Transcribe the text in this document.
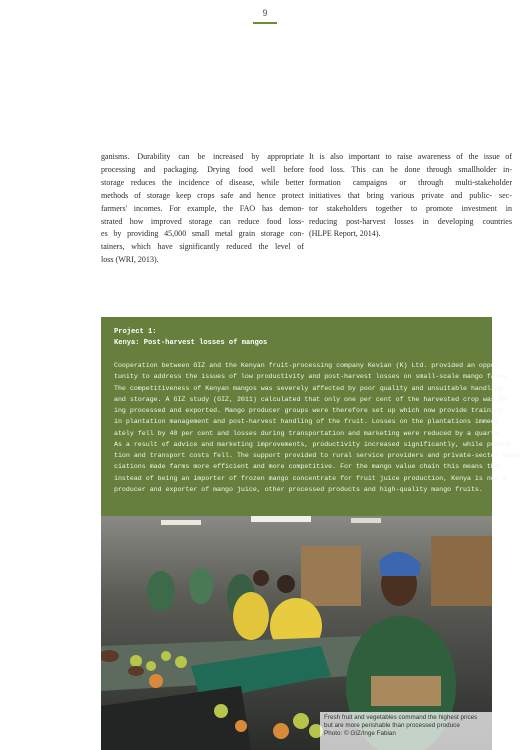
9
ganisms. Durability can be increased by appropriate
processing and packaging. Drying food well before
storage reduces the incidence of disease, while better
methods of storage keep crops safe and hence protect
farmers' incomes. For example, the FAO has demon-
strated how improved storage can reduce food loss-
es by providing 45,000 small metal grain storage con-
tainers, which have significantly reduced the level of
loss (WRI, 2013).
It is also important to raise awareness of the issue of
food loss. This can be done through smallholder in-
formation campaigns or through multi-stakeholder
initiatives that bring various private and public- sec-
tor stakeholders together to promote investment in
reducing post-harvest losses in developing countries
(HLPE Report, 2014).
Project 1:
Kenya: Post-harvest losses of mangos
Cooperation between GIZ and the Kenyan fruit-processing company Kevian (K) Ltd. provided an oppor-
tunity to address the issues of low productivity and post-harvest losses on small-scale mango farms.
The competitiveness of Kenyan mangos was severely affected by poor quality and unsuitable handling
and storage. A GIZ study (GIZ, 2011) calculated that only one per cent of the harvested crop was be-
ing processed and exported. Mango producer groups were therefore set up which now provide training
in plantation management and post-harvest handling of the fruit. Losses on the plantations immedi-
ately fell by 40 per cent and losses during transportation and marketing were reduced by a quarter.
As a result of advice and marketing improvements, productivity increased significantly, while produc-
tion and transport costs fell. The support provided to rural service providers and private-sector asso-
ciations made farms more efficient and more competitive. For the mango value chain this means that,
instead of being an importer of frozen mango concentrate for fruit juice production, Kenya is now a
producer and exporter of mango juice, other processed products and high-quality mango fruits.
Fresh fruit and vegetables command the highest prices
but are more perishable than processed produce
Photo: © GIZ/Inge Fabian
